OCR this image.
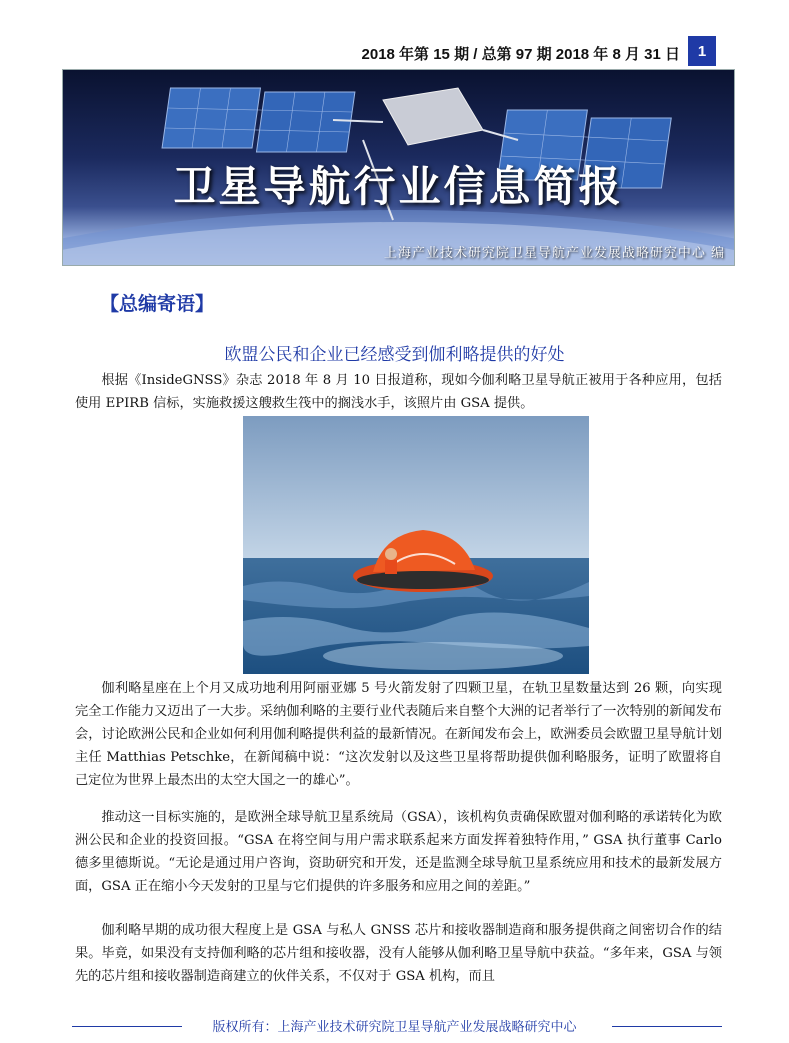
2018 年第 15 期 / 总第 97 期 2018 年 8 月 31 日	1
卫星导航行业信息简报
上海产业技术研究院卫星导航产业发展战略研究中心 编
【总编寄语】
欧盟公民和企业已经感受到伽利略提供的好处

根据《InsideGNSS》杂志 2018 年 8 月 10 日报道称，现如今伽利略卫星导航正被用于各种应用，包括使用 EPIRB 信标，实施救援这艘救生筏中的搁浅水手，该照片由 GSA 提供。

伽利略星座在上个月又成功地利用阿丽亚娜 5 号火箭发射了四颗卫星，在轨卫星数量达到 26 颗，向实现完全工作能力又迈出了一大步。采纳伽利略的主要行业代表随后来自整个大洲的记者举行了一次特别的新闻发布会，讨论欧洲公民和企业如何利用伽利略提供利益的最新情况。在新闻发布会上，欧洲委员会欧盟卫星导航计划主任 Matthias Petschke，在新闻稿中说：“这次发射以及这些卫星将帮助提供伽利略服务，证明了欧盟将自己定位为世界上最杰出的太空大国之一的雄心”。

推动这一目标实施的，是欧洲全球导航卫星系统局（GSA），该机构负责确保欧盟对伽利略的承诺转化为欧洲公民和企业的投资回报。“GSA 在将空间与用户需求联系起来方面发挥着独特作用，” GSA 执行董事 Carlo 德多里德斯说。“无论是通过用户咨询，资助研究和开发，还是监测全球导航卫星系统应用和技术的最新发展方面，GSA 正在缩小今天发射的卫星与它们提供的许多服务和应用之间的差距。”

伽利略早期的成功很大程度上是 GSA 与私人 GNSS 芯片和接收器制造商和服务提供商之间密切合作的结果。毕竟，如果没有支持伽利略的芯片组和接收器，没有人能够从伽利略卫星导航中获益。“多年来，GSA 与领先的芯片组和接收器制造商建立的伙伴关系，不仅对于 GSA 机构，而且

版权所有：上海产业技术研究院卫星导航产业发展战略研究中心
